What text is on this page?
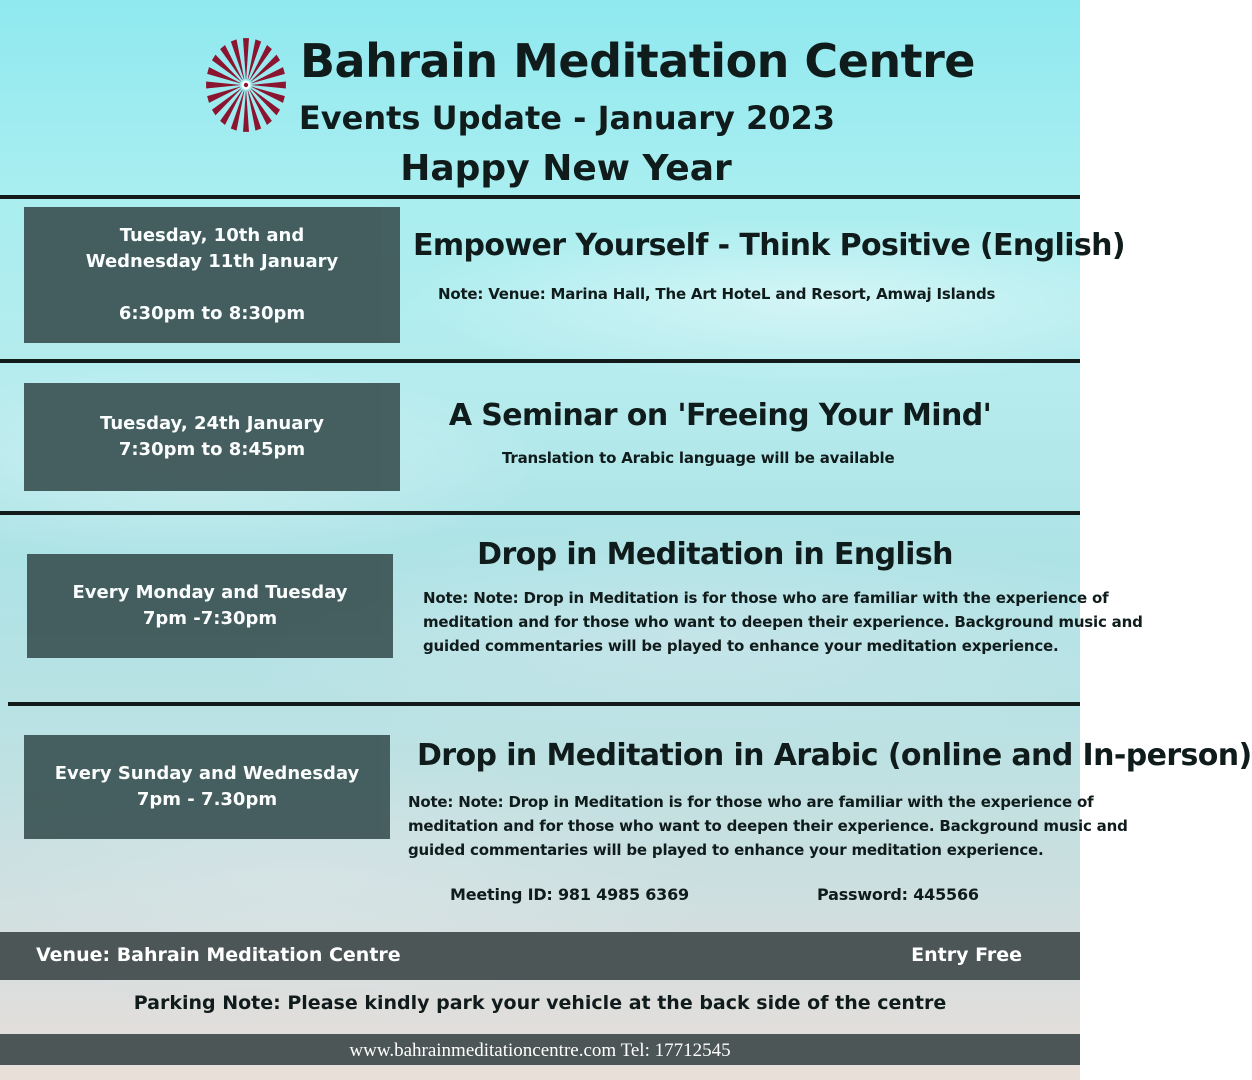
Bahrain Meditation Centre
Events Update - January 2023
Happy New Year
Tuesday, 10th and
Wednesday 11th January
6:30pm to 8:30pm
Empower Yourself - Think Positive (English)
Note: Venue: Marina Hall, The Art HoteL and Resort, Amwaj Islands
Tuesday, 24th January
7:30pm to 8:45pm
A Seminar on 'Freeing Your Mind'
Translation to Arabic language will be available
Every Monday and Tuesday
7pm -7:30pm
Drop in Meditation in English
Note: Note: Drop in Meditation is for those who are familiar with the experience of
meditation and for those who want to deepen their experience. Background music and
guided commentaries will be played to enhance your meditation experience.
Every Sunday and Wednesday
7pm - 7.30pm
Drop in Meditation in Arabic (online and In-person)
Note: Note: Drop in Meditation is for those who are familiar with the experience of
meditation and for those who want to deepen their experience. Background music and
guided commentaries will be played to enhance your meditation experience.
Meeting ID: 981 4985 6369	Password: 445566
Venue: Bahrain Meditation Centre	Entry Free
Parking Note: Please kindly park your vehicle at the back side of the centre
www.bahrainmeditationcentre.com Tel: 17712545
